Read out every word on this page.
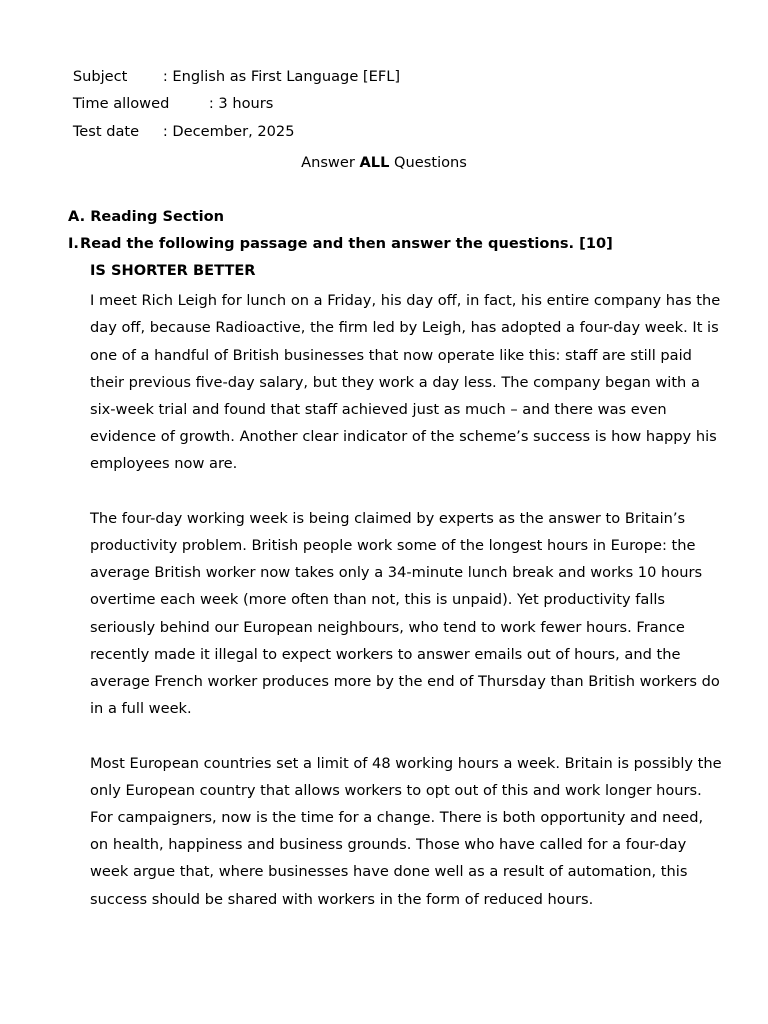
Subject : English as First Language [EFL]

Time allowed	: 3 hours

Test date : December, 2025

Answer ALL Questions
A. Reading Section
I.Read the following passage and then answer the questions. [10]
IS SHORTER BETTER

I meet Rich Leigh for lunch on a Friday, his day off, in fact, his entire company has the day off, because Radioactive, the firm led by Leigh, has adopted a four-day week. It is one of a handful of British businesses that now operate like this: staff are still paid their previous five-day salary, but they work a day less. The company began with a six-week trial and found that staff achieved just as much – and there was even evidence of growth. Another clear indicator of the scheme’s success is how happy his employees now are.

The four-day working week is being claimed by experts as the answer to Britain’s productivity problem. British people work some of the longest hours in Europe: the average British worker now takes only a 34-minute lunch break and works 10 hours overtime each week (more often than not, this is unpaid). Yet productivity falls seriously behind our European neighbours, who tend to work fewer hours. France recently made it illegal to expect workers to answer emails out of hours, and the average French worker produces more by the end of Thursday than British workers do in a full week.

Most European countries set a limit of 48 working hours a week. Britain is possibly the only European country that allows workers to opt out of this and work longer hours. For campaigners, now is the time for a change. There is both opportunity and need, on health, happiness and business grounds. Those who have called for a four-day week argue that, where businesses have done well as a result of automation, this success should be shared with workers in the form of reduced hours.
